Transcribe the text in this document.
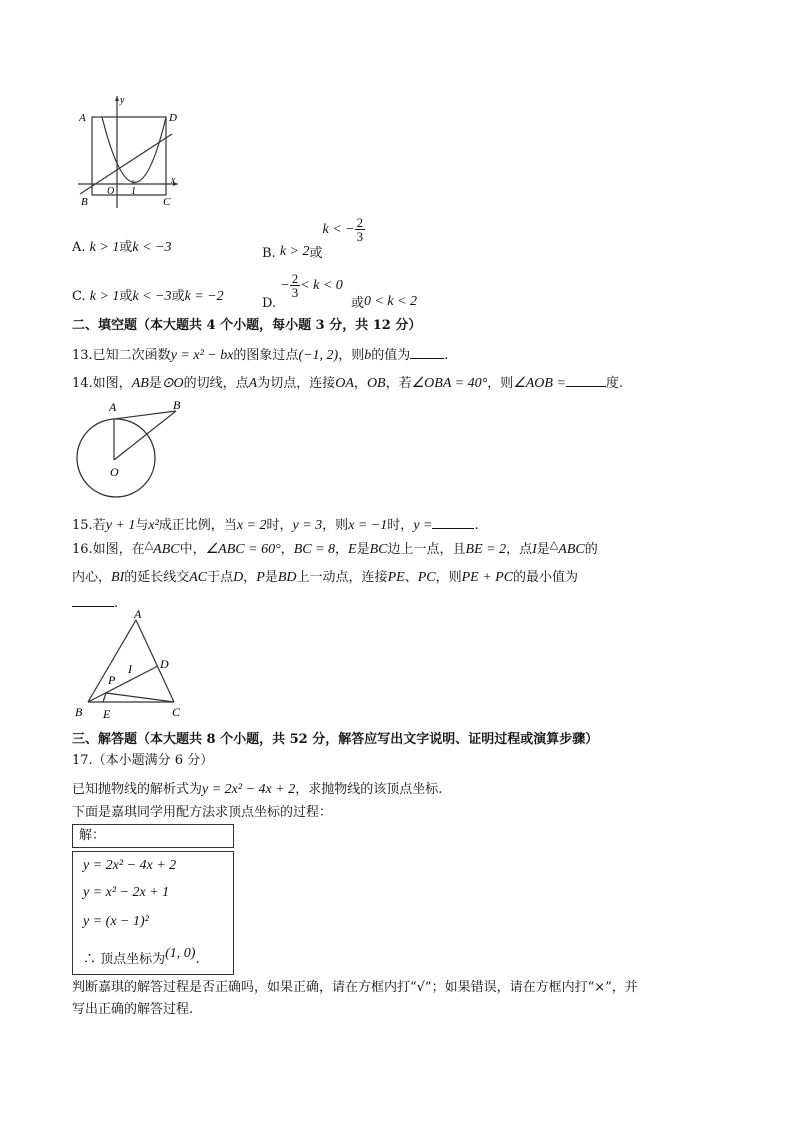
A	D
B	C
y
x
O 1
A. k > 1或k < −3	B. k > 2或k < − $\frac{2}{3}$
C. k > 1或k < −3或k = −2	D. − $\frac{2}{3} < k < 0$ 或0 < k < 2
二、填空题（本大题共 4 个小题，每小题 3 分，共 12 分）
13.已知二次函数y = x² − bx的图象过点(−1, 2)，则b的值为	.
14.如图，AB是⊙O的切线，点A为切点，连接OA，OB，若∠OBA = 40°，则∠AOB =	度.
A	B
O
15.若y + 1与x²成正比例，当x = 2时，y = 3，则x = −1时，y =	.
16.如图，在△ABC中，∠ABC = 60°，BC = 8，E是BC边上一点，且BE = 2，点I是△ABC的
内心，BI的延长线交AC于点D，P是BD上一动点，连接PE、PC，则PE + PC的最小值为
.
A
B	C
D
E
I
P
三、解答题（本大题共 8 个小题，共 52 分，解答应写出文字说明、证明过程或演算步骤）
17.（本小题满分 6 分）
已知抛物线的解析式为y = 2x² − 4x + 2，求抛物线的该顶点坐标.
下面是嘉琪同学用配方法求顶点坐标的过程：
解：
y = 2x² − 4x + 2
y = x² − 2x + 1
y = (x − 1)²
∴ 顶点坐标为(1, 0).
判断嘉琪的解答过程是否正确吗，如果正确，请在方框内打“√”；如果错误，请在方框内打“×”，并
写出正确的解答过程.
